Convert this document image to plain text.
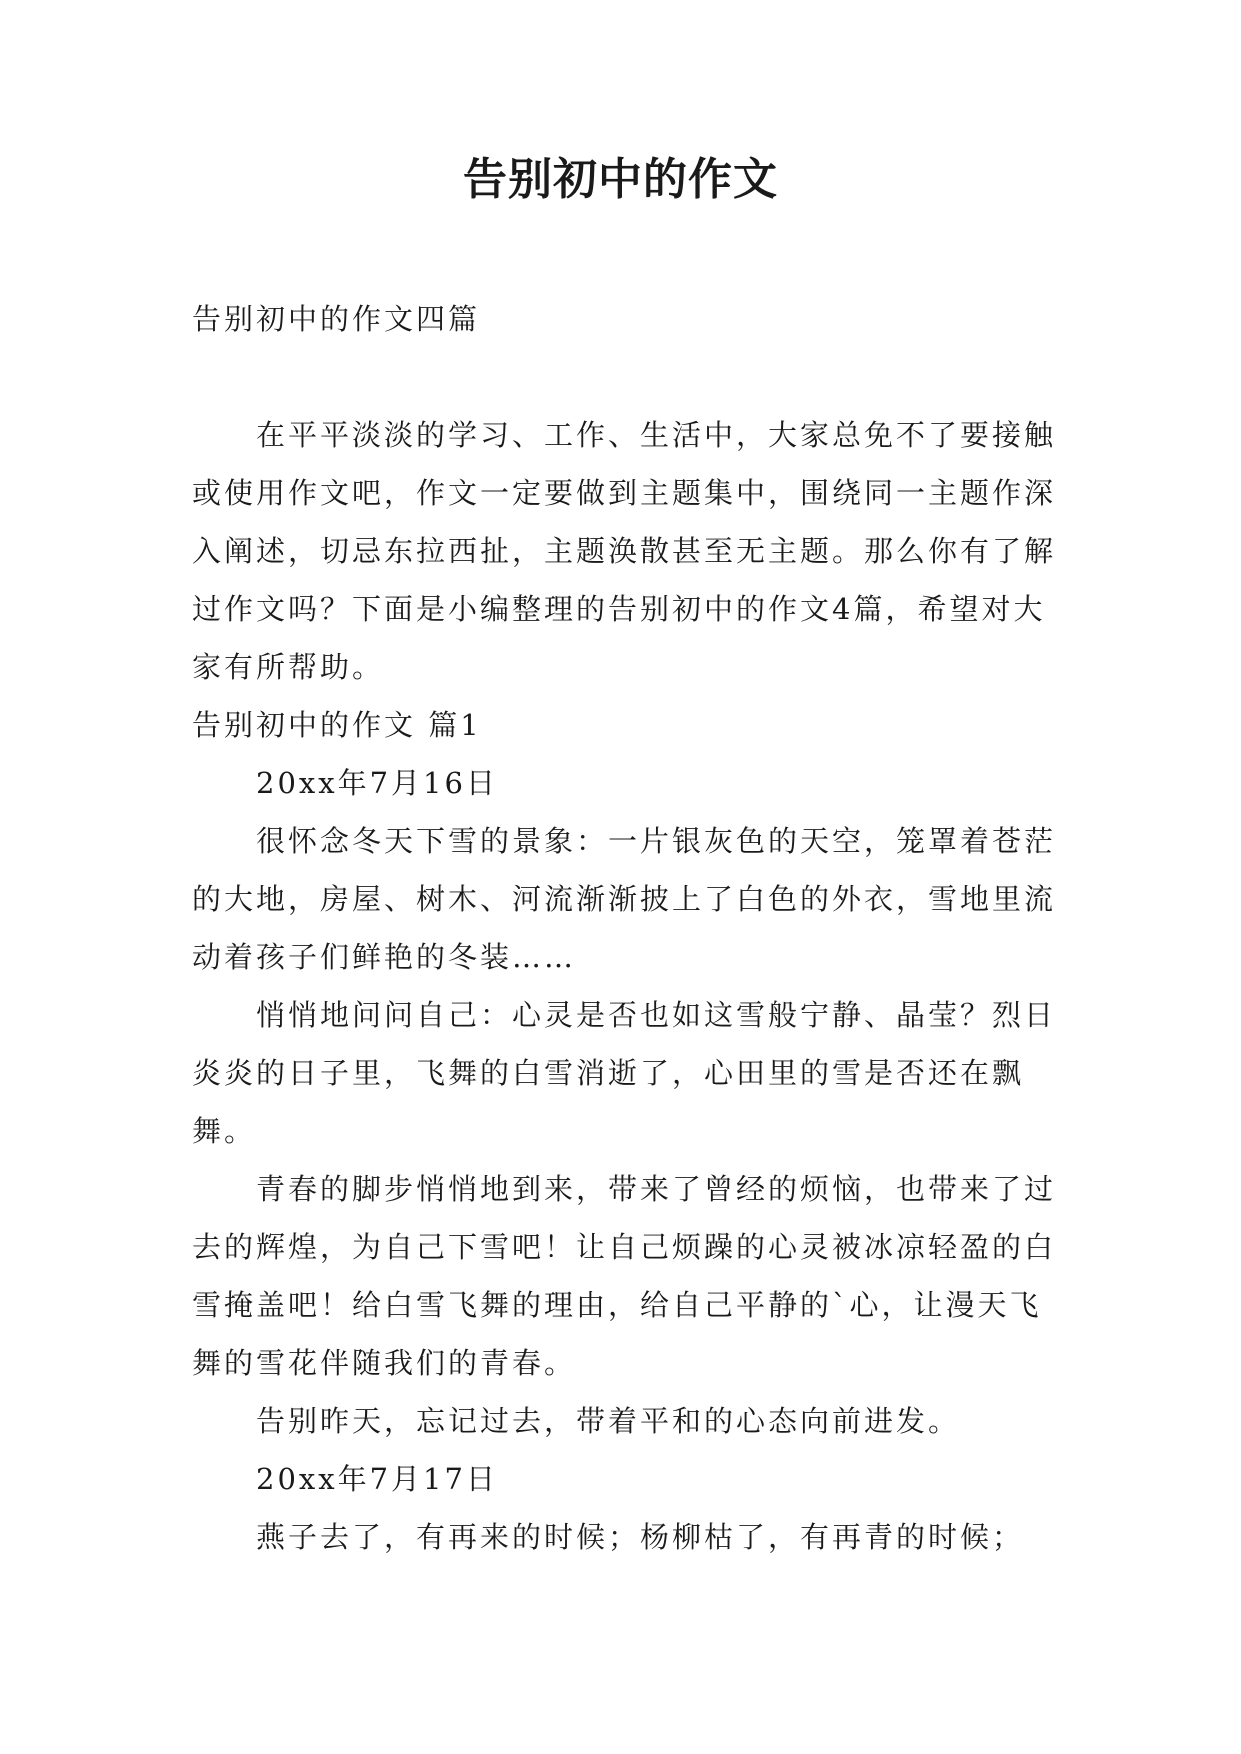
告别初中的作文

告别初中的作文四篇

在平平淡淡的学习、工作、生活中，大家总免不了要接触或使用作文吧，作文一定要做到主题集中，围绕同一主题作深入阐述，切忌东拉西扯，主题涣散甚至无主题。那么你有了解过作文吗？下面是小编整理的告别初中的作文4篇，希望对大家有所帮助。

告别初中的作文 篇1

20xx年7月16日

很怀念冬天下雪的景象：一片银灰色的天空，笼罩着苍茫的大地，房屋、树木、河流渐渐披上了白色的外衣，雪地里流动着孩子们鲜艳的冬装……

悄悄地问问自己：心灵是否也如这雪般宁静、晶莹？烈日炎炎的日子里，飞舞的白雪消逝了，心田里的雪是否还在飘舞。

青春的脚步悄悄地到来，带来了曾经的烦恼，也带来了过去的辉煌，为自己下雪吧！让自己烦躁的心灵被冰凉轻盈的白雪掩盖吧！给白雪飞舞的理由，给自己平静的`心，让漫天飞舞的雪花伴随我们的青春。

告别昨天，忘记过去，带着平和的心态向前进发。

20xx年7月17日

燕子去了，有再来的时候；杨柳枯了，有再青的时候；
